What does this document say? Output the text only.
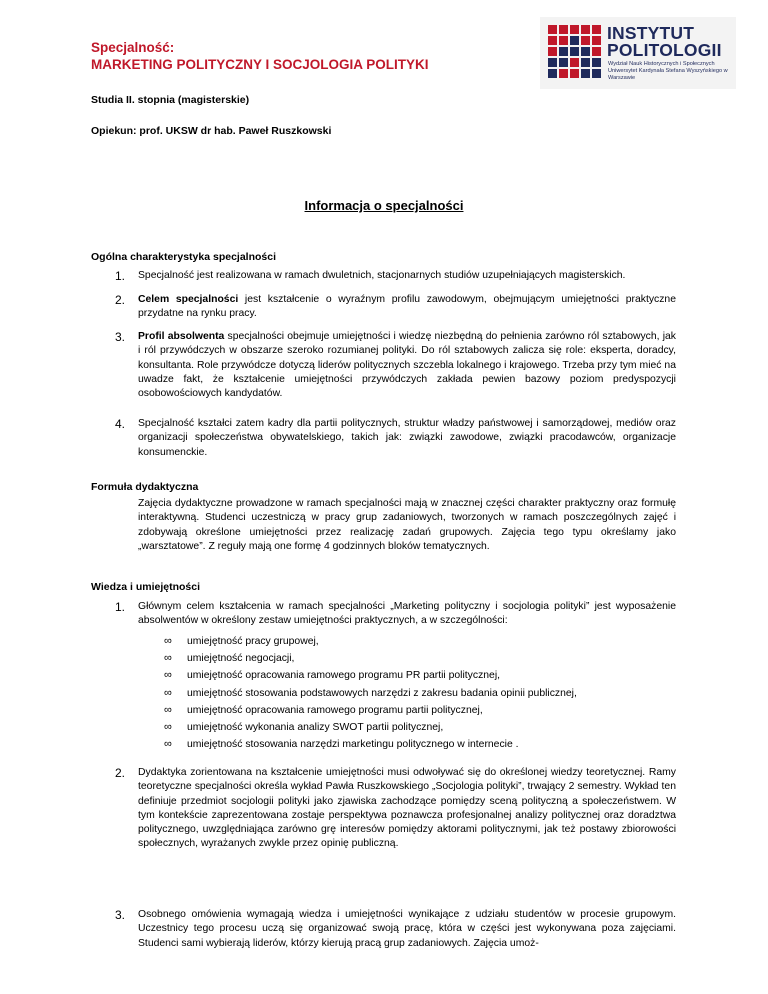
Specjalność:
MARKETING POLITYCZNY I SOCJOLOGIA POLITYKI
INSTYTUT
POLITOLOGII
Wydział Nauk Historycznych i Społecznych Uniwersytet Kardynała Stefana Wyszyńskiego w Warszawie
Studia II. stopnia (magisterskie)
Opiekun: prof. UKSW dr hab. Paweł Ruszkowski
Informacja o specjalności
Ogólna charakterystyka specjalności
1.	Specjalność jest realizowana w ramach dwuletnich, stacjonarnych studiów uzupełniających magisterskich.
2.	Celem specjalności jest kształcenie o wyraźnym profilu zawodowym, obejmującym umiejętności praktyczne przydatne na rynku pracy.
3.	Profil absolwenta specjalności obejmuje umiejętności i wiedzę niezbędną do pełnienia zarówno ról sztabowych, jak i ról przywódczych w obszarze szeroko rozumianej polityki. Do ról sztabowych zalicza się role: eksperta, doradcy, konsultanta. Role przywódcze dotyczą liderów politycznych szczebla lokalnego i krajowego. Trzeba przy tym mieć na uwadze fakt, że kształcenie umiejętności przywódczych zakłada pewien bazowy poziom predyspozycji osobowościowych kandydatów.
4.	Specjalność kształci zatem kadry dla partii politycznych, struktur władzy państwowej i samorządowej, mediów oraz organizacji społeczeństwa obywatelskiego, takich jak: związki zawodowe, związki pracodawców, organizacje konsumenckie.
Formuła dydaktyczna
Zajęcia dydaktyczne prowadzone w ramach specjalności mają w znacznej części charakter praktyczny oraz formułę interaktywną. Studenci uczestniczą w pracy grup zadaniowych, tworzonych w ramach poszczególnych zajęć i zdobywają określone umiejętności przez realizację zadań grupowych. Zajęcia tego typu określamy jako „warsztatowe”. Z reguły mają one formę 4 godzinnych bloków tematycznych.
Wiedza i umiejętności
1.	Głównym celem kształcenia w ramach specjalności „Marketing polityczny i socjologia polityki” jest wyposażenie absolwentów w określony zestaw umiejętności praktycznych, a w szczególności:
∞ umiejętność pracy grupowej,
∞ umiejętność negocjacji,
∞ umiejętność opracowania ramowego programu PR partii politycznej,
∞ umiejętność stosowania podstawowych narzędzi z zakresu badania opinii publicznej,
∞ umiejętność opracowania ramowego programu partii politycznej,
∞ umiejętność wykonania analizy SWOT partii politycznej,
∞ umiejętność stosowania narzędzi marketingu politycznego w internecie .
2.	Dydaktyka zorientowana na kształcenie umiejętności musi odwoływać się do określonej wiedzy teoretycznej. Ramy teoretyczne specjalności określa wykład Pawła Ruszkowskiego „Socjologia polityki”, trwający 2 semestry. Wykład ten definiuje przedmiot socjologii polityki jako zjawiska zachodzące pomiędzy sceną polityczną a społeczeństwem. W tym kontekście zaprezentowana zostaje perspektywa poznawcza profesjonalnej analizy politycznej oraz doradztwa politycznego, uwzględniająca zarówno grę interesów pomiędzy aktorami politycznymi, jak też postawy zbiorowości społecznych, wyrażanych zwykle przez opinię publiczną.
3.	Osobnego omówienia wymagają wiedza i umiejętności wynikające z udziału studentów w procesie grupowym. Uczestnicy tego procesu uczą się organizować swoją pracę, która w części jest wykonywana poza zajęciami. Studenci sami wybierają liderów, którzy kierują pracą grup zadaniowych. Zajęcia umoż-
